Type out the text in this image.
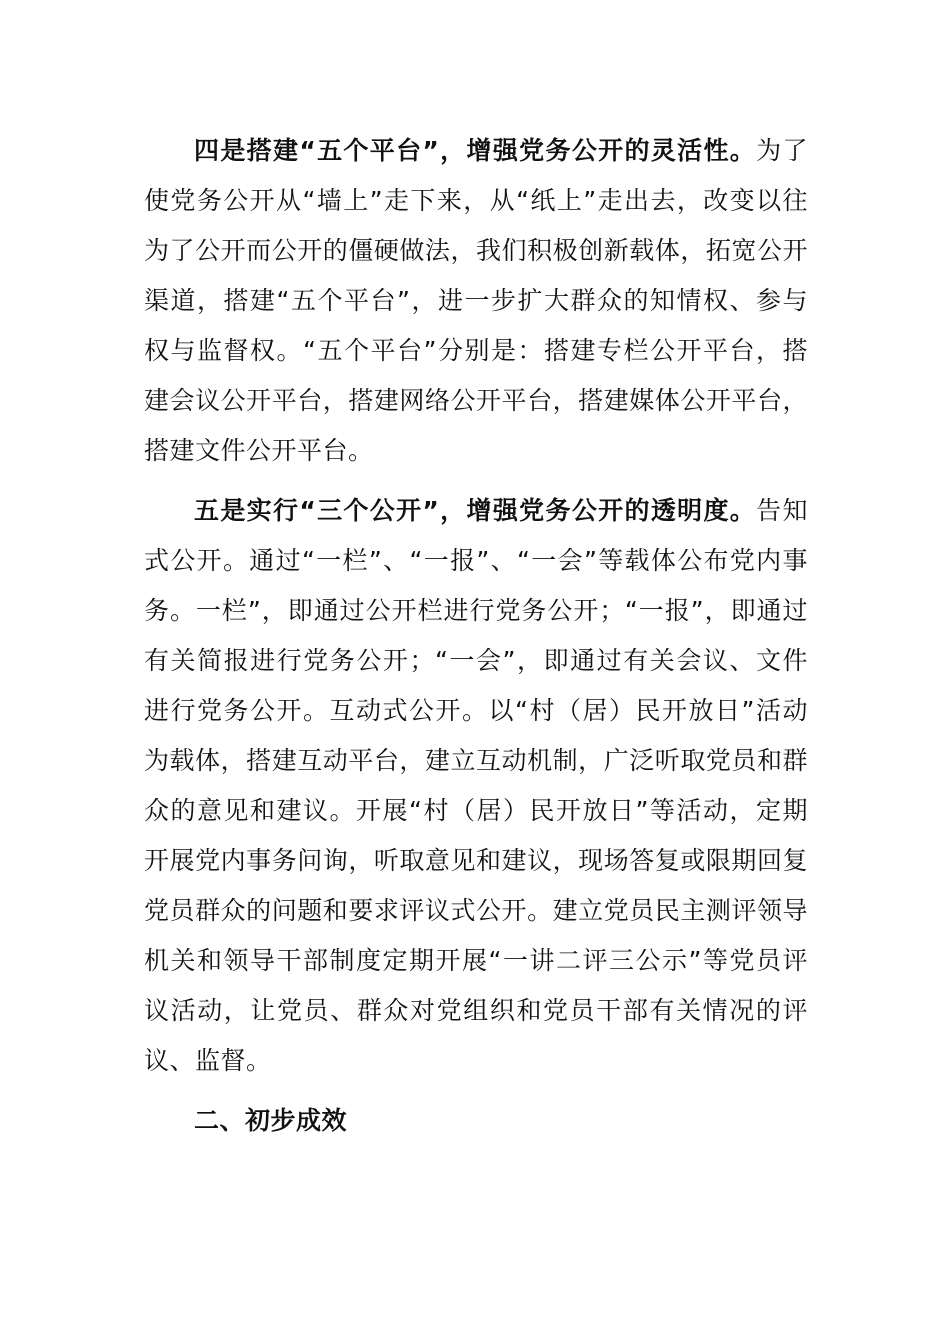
四是搭建“五个平台”，增强党务公开的灵活性。为了使党务公开从“墙上”走下来，从“纸上”走出去，改变以往为了公开而公开的僵硬做法，我们积极创新载体，拓宽公开渠道，搭建“五个平台”，进一步扩大群众的知情权、参与权与监督权。“五个平台”分别是：搭建专栏公开平台，搭建会议公开平台，搭建网络公开平台，搭建媒体公开平台，搭建文件公开平台。

五是实行“三个公开”，增强党务公开的透明度。告知式公开。通过“一栏”、“一报”、“一会”等载体公布党内事务。一栏”，即通过公开栏进行党务公开；“一报”，即通过有关简报进行党务公开；“一会”，即通过有关会议、文件进行党务公开。互动式公开。以“村（居）民开放日”活动为载体，搭建互动平台，建立互动机制，广泛听取党员和群众的意见和建议。开展“村（居）民开放日”等活动，定期开展党内事务问询，听取意见和建议，现场答复或限期回复党员群众的问题和要求评议式公开。建立党员民主测评领导机关和领导干部制度定期开展“一讲二评三公示”等党员评议活动，让党员、群众对党组织和党员干部有关情况的评议、监督。

二、初步成效
